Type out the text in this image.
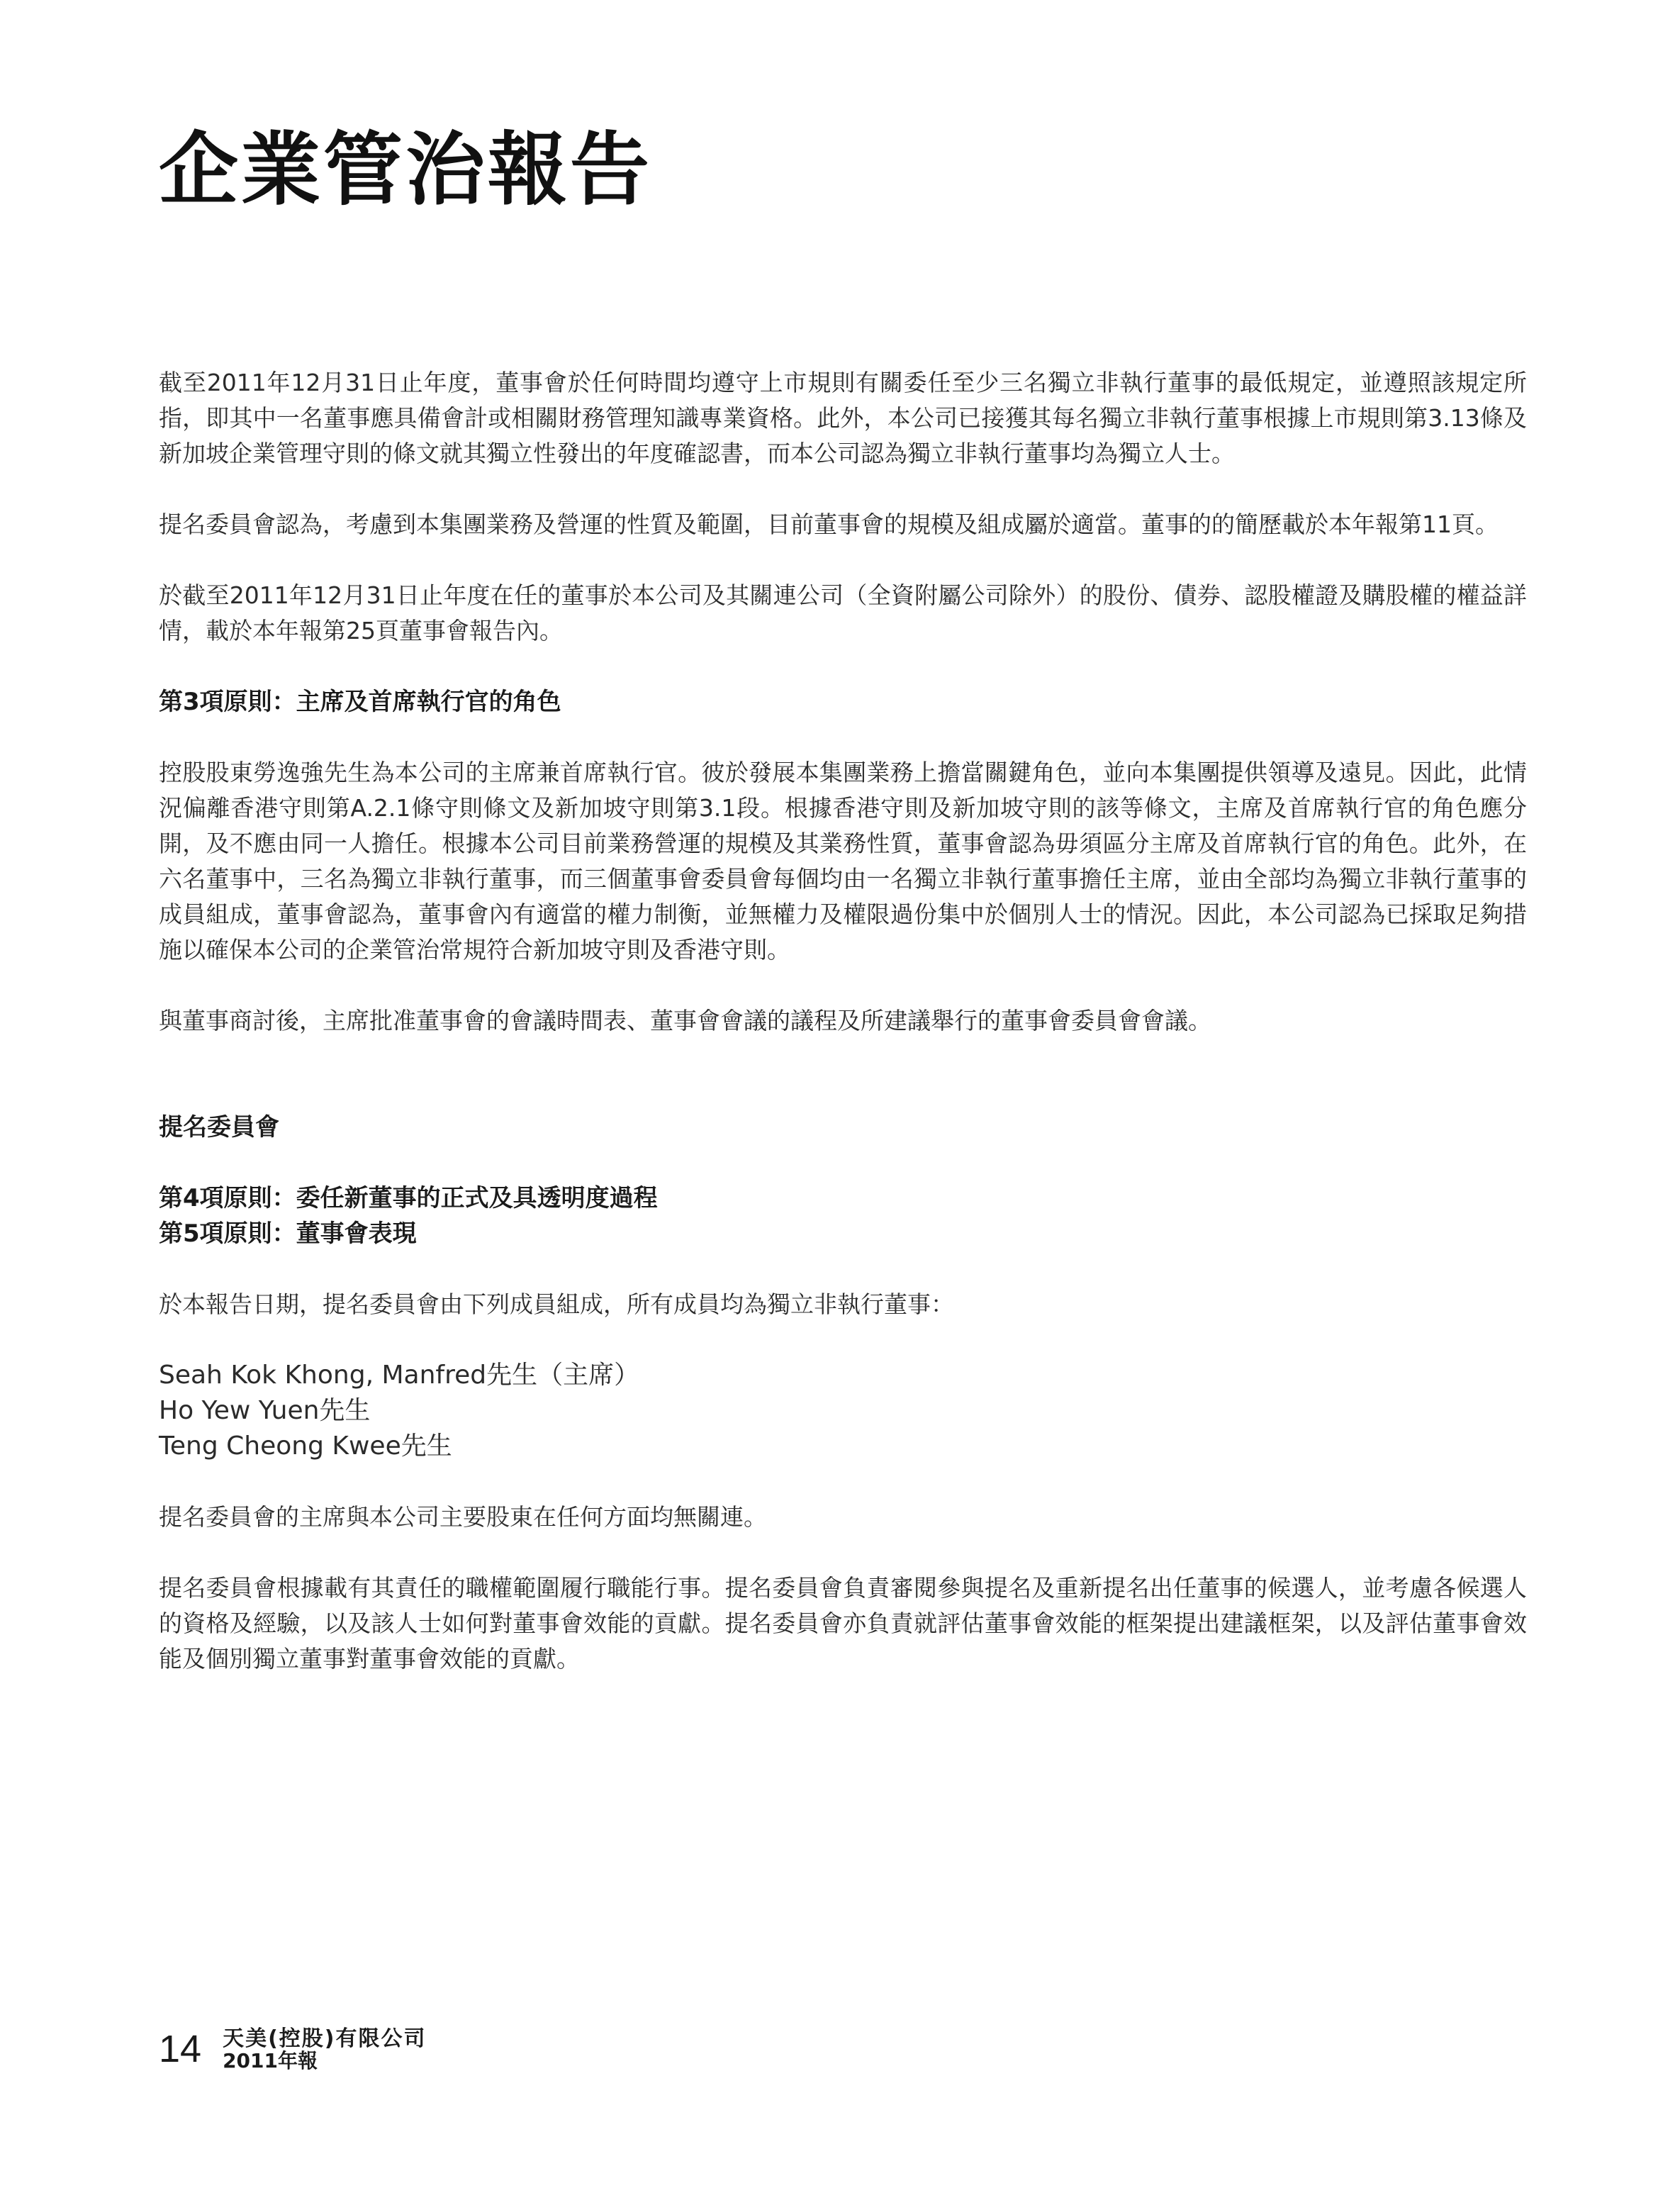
企業管治報告

截至2011年12月31日止年度，董事會於任何時間均遵守上市規則有關委任至少三名獨立非執行董事的最低規定，並遵照該規定所指，即其中一名董事應具備會計或相關財務管理知識專業資格。此外，本公司已接獲其每名獨立非執行董事根據上市規則第3.13條及新加坡企業管理守則的條文就其獨立性發出的年度確認書，而本公司認為獨立非執行董事均為獨立人士。

提名委員會認為，考慮到本集團業務及營運的性質及範圍，目前董事會的規模及組成屬於適當。董事的的簡歷載於本年報第11頁。

於截至2011年12月31日止年度在任的董事於本公司及其關連公司（全資附屬公司除外）的股份、債券、認股權證及購股權的權益詳情，載於本年報第25頁董事會報告內。

第3項原則：主席及首席執行官的角色

控股股東勞逸強先生為本公司的主席兼首席執行官。彼於發展本集團業務上擔當關鍵角色，並向本集團提供領導及遠見。因此，此情況偏離香港守則第A.2.1條守則條文及新加坡守則第3.1段。根據香港守則及新加坡守則的該等條文，主席及首席執行官的角色應分開，及不應由同一人擔任。根據本公司目前業務營運的規模及其業務性質，董事會認為毋須區分主席及首席執行官的角色。此外，在六名董事中，三名為獨立非執行董事，而三個董事會委員會每個均由一名獨立非執行董事擔任主席，並由全部均為獨立非執行董事的成員組成，董事會認為，董事會內有適當的權力制衡，並無權力及權限過份集中於個別人士的情況。因此，本公司認為已採取足夠措施以確保本公司的企業管治常規符合新加坡守則及香港守則。

與董事商討後，主席批准董事會的會議時間表、董事會會議的議程及所建議舉行的董事會委員會會議。

提名委員會
第4項原則：委任新董事的正式及具透明度過程
第5項原則：董事會表現

於本報告日期，提名委員會由下列成員組成，所有成員均為獨立非執行董事：

Seah Kok Khong, Manfred先生（主席）
Ho Yew Yuen先生
Teng Cheong Kwee先生

提名委員會的主席與本公司主要股東在任何方面均無關連。

提名委員會根據載有其責任的職權範圍履行職能行事。提名委員會負責審閱參與提名及重新提名出任董事的候選人，並考慮各候選人的資格及經驗，以及該人士如何對董事會效能的貢獻。提名委員會亦負責就評估董事會效能的框架提出建議框架，以及評估董事會效能及個別獨立董事對董事會效能的貢獻。

14 天美(控股)有限公司
2011年報
